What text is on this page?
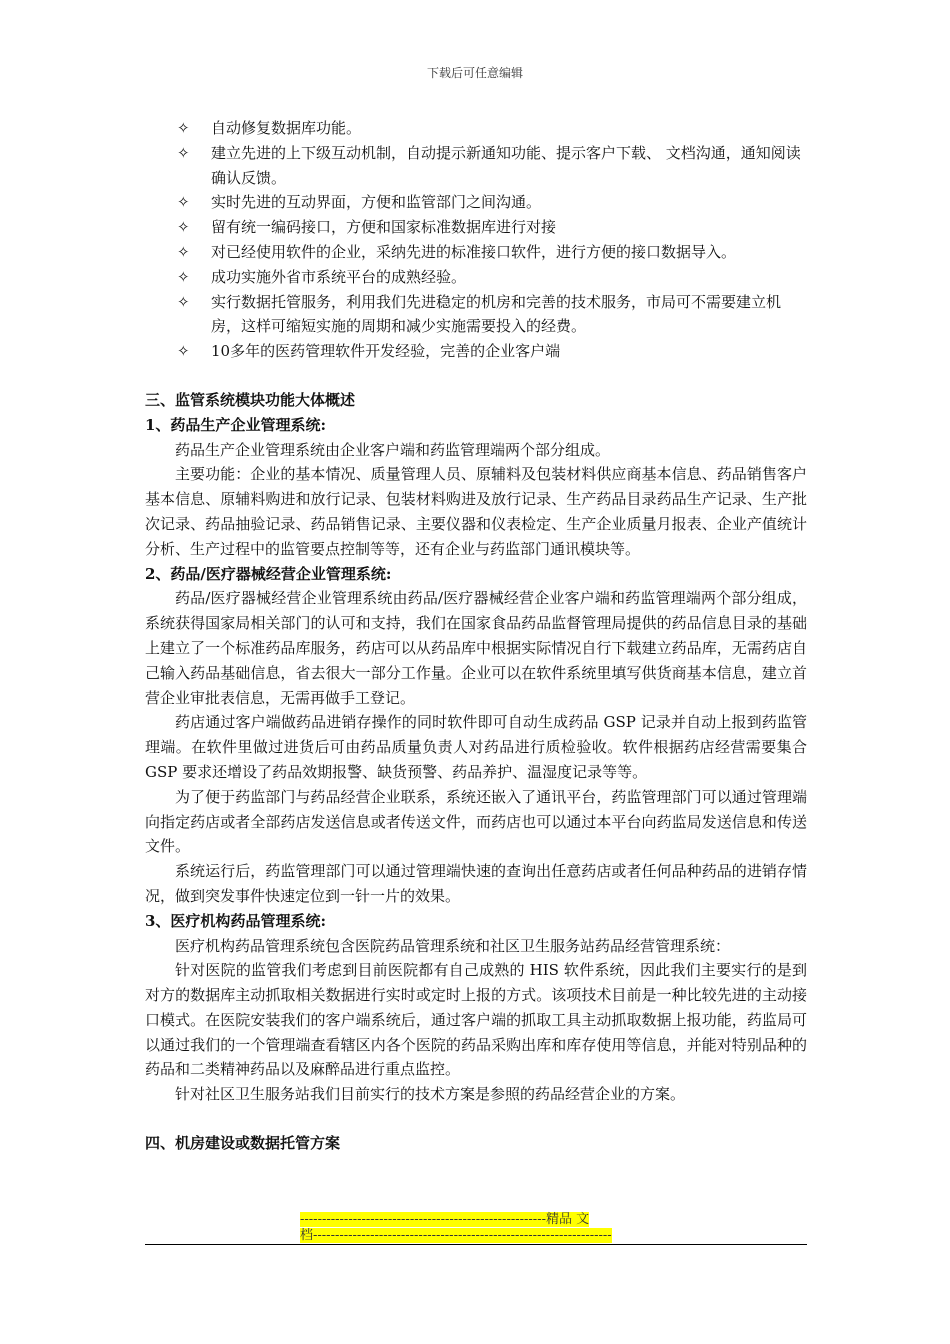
下载后可任意编辑
✧	自动修复数据库功能。
✧	建立先进的上下级互动机制，自动提示新通知功能、提示客户下载、 文档沟通，通知阅读确认反馈。
✧	实时先进的互动界面，方便和监管部门之间沟通。
✧	留有统一编码接口，方便和国家标准数据库进行对接
✧	对已经使用软件的企业，采纳先进的标准接口软件，进行方便的接口数据导入。
✧	成功实施外省市系统平台的成熟经验。
✧	实行数据托管服务，利用我们先进稳定的机房和完善的技术服务，市局可不需要建立机房，这样可缩短实施的周期和减少实施需要投入的经费。
✧	10多年的医药管理软件开发经验，完善的企业客户端
三、监管系统模块功能大体概述
1、药品生产企业管理系统:

药品生产企业管理系统由企业客户端和药监管理端两个部分组成。

主要功能：企业的基本情况、质量管理人员、原辅料及包装材料供应商基本信息、药品销售客户基本信息、原辅料购进和放行记录、包装材料购进及放行记录、生产药品目录药品生产记录、生产批次记录、药品抽验记录、药品销售记录、主要仪器和仪表检定、生产企业质量月报表、企业产值统计分析、生产过程中的监管要点控制等等，还有企业与药监部门通讯模块等。

2、药品/医疗器械经营企业管理系统:

药品/医疗器械经营企业管理系统由药品/医疗器械经营企业客户端和药监管理端两个部分组成，系统获得国家局相关部门的认可和支持，我们在国家食品药品监督管理局提供的药品信息目录的基础上建立了一个标准药品库服务，药店可以从药品库中根据实际情况自行下载建立药品库，无需药店自己输入药品基础信息，省去很大一部分工作量。企业可以在软件系统里填写供货商基本信息，建立首营企业审批表信息，无需再做手工登记。

药店通过客户端做药品进销存操作的同时软件即可自动生成药品 GSP 记录并自动上报到药监管理端。在软件里做过进货后可由药品质量负责人对药品进行质检验收。软件根据药店经营需要集合 GSP 要求还增设了药品效期报警、缺货预警、药品养护、温湿度记录等等。

为了便于药监部门与药品经营企业联系，系统还嵌入了通讯平台，药监管理部门可以通过管理端向指定药店或者全部药店发送信息或者传送文件，而药店也可以通过本平台向药监局发送信息和传送文件。

系统运行后，药监管理部门可以通过管理端快速的查询出任意药店或者任何品种药品的进销存情况，做到突发事件快速定位到一针一片的效果。

3、医疗机构药品管理系统:

医疗机构药品管理系统包含医院药品管理系统和社区卫生服务站药品经营管理系统：

针对医院的监管我们考虑到目前医院都有自己成熟的 HIS 软件系统，因此我们主要实行的是到对方的数据库主动抓取相关数据进行实时或定时上报的方式。该项技术目前是一种比较先进的主动接口模式。在医院安装我们的客户端系统后，通过客户端的抓取工具主动抓取数据上报功能，药监局可以通过我们的一个管理端查看辖区内各个医院的药品采购出库和库存使用等信息，并能对特别品种的药品和二类精神药品以及麻醉品进行重点监控。

针对社区卫生服务站我们目前实行的技术方案是参照的药品经营企业的方案。

四、机房建设或数据托管方案
--------------------------------------------------------精品 文
档--------------------------------------------------------------------
